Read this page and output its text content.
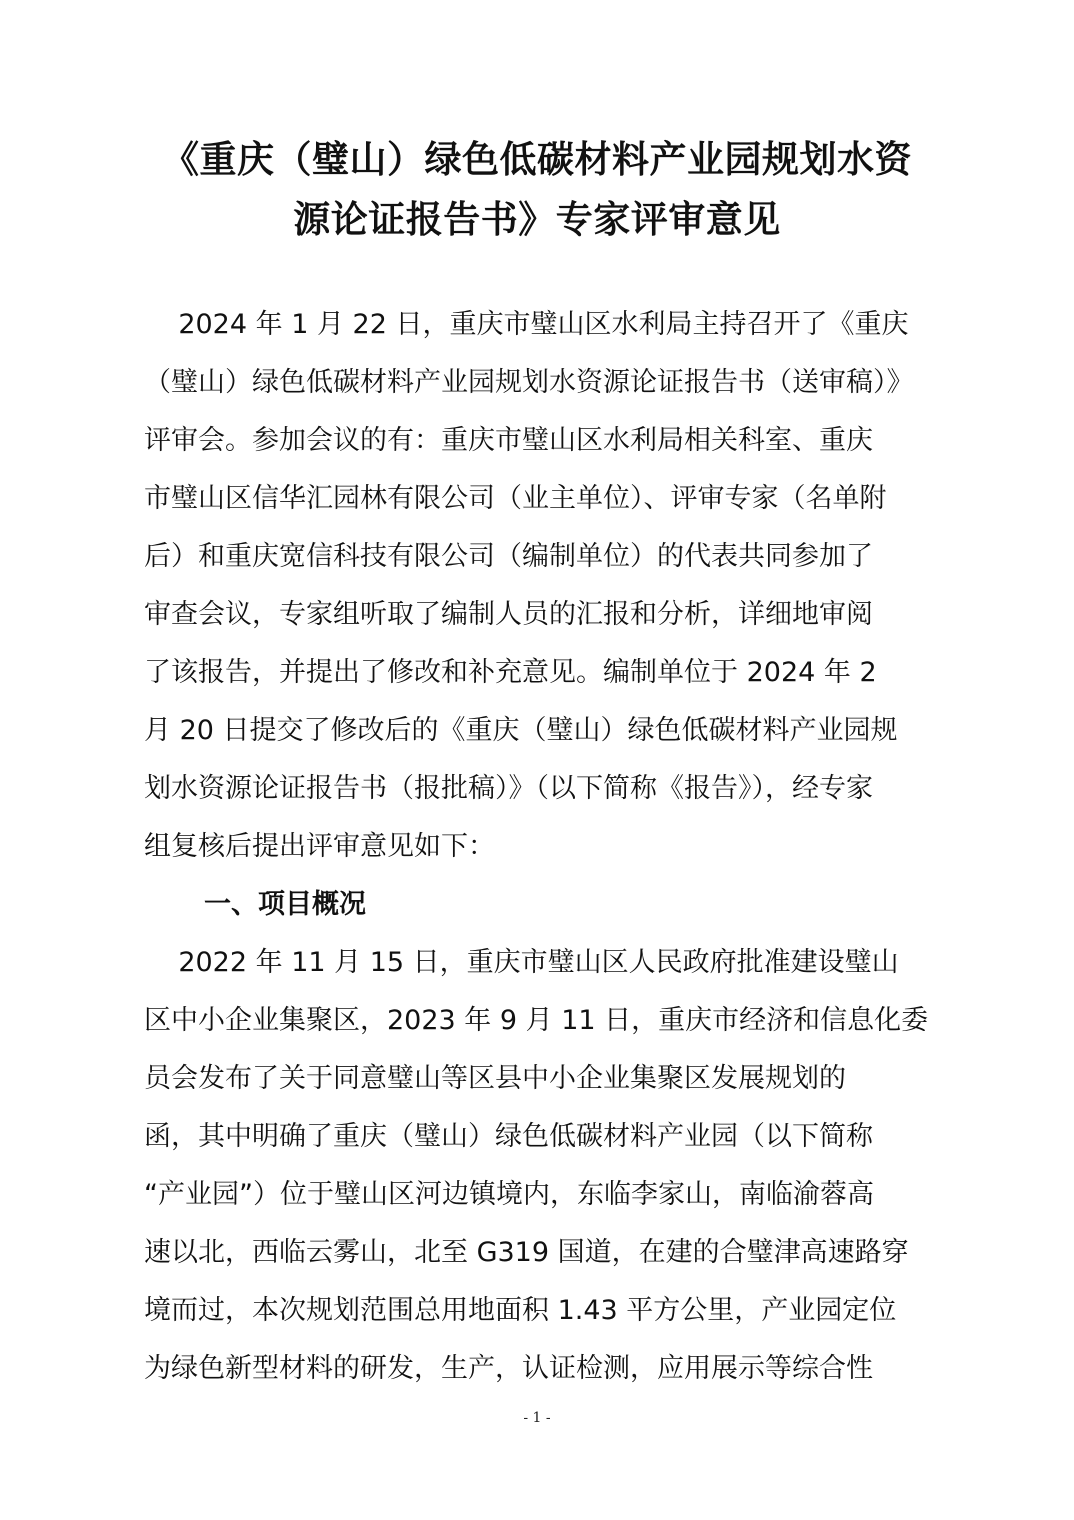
《重庆（璧山）绿色低碳材料产业园规划水资
源论证报告书》专家评审意见
2024 年 1 月 22 日，重庆市璧山区水利局主持召开了《重庆
（璧山）绿色低碳材料产业园规划水资源论证报告书（送审稿）》
评审会。参加会议的有：重庆市璧山区水利局相关科室、重庆
市璧山区信华汇园林有限公司（业主单位）、评审专家（名单附
后）和重庆宽信科技有限公司（编制单位）的代表共同参加了
审查会议，专家组听取了编制人员的汇报和分析，详细地审阅
了该报告，并提出了修改和补充意见。编制单位于 2024 年 2
月 20 日提交了修改后的《重庆（璧山）绿色低碳材料产业园规
划水资源论证报告书（报批稿）》（以下简称《报告》），经专家
组复核后提出评审意见如下：
一、项目概况
2022 年 11 月 15 日，重庆市璧山区人民政府批准建设璧山
区中小企业集聚区，2023 年 9 月 11 日，重庆市经济和信息化委
员会发布了关于同意璧山等区县中小企业集聚区发展规划的
函，其中明确了重庆（璧山）绿色低碳材料产业园（以下简称
“产业园”）位于璧山区河边镇境内，东临李家山，南临渝蓉高
速以北，西临云雾山，北至 G319 国道，在建的合璧津高速路穿
境而过，本次规划范围总用地面积 1.43 平方公里，产业园定位
为绿色新型材料的研发，生产，认证检测，应用展示等综合性
- 1 -
